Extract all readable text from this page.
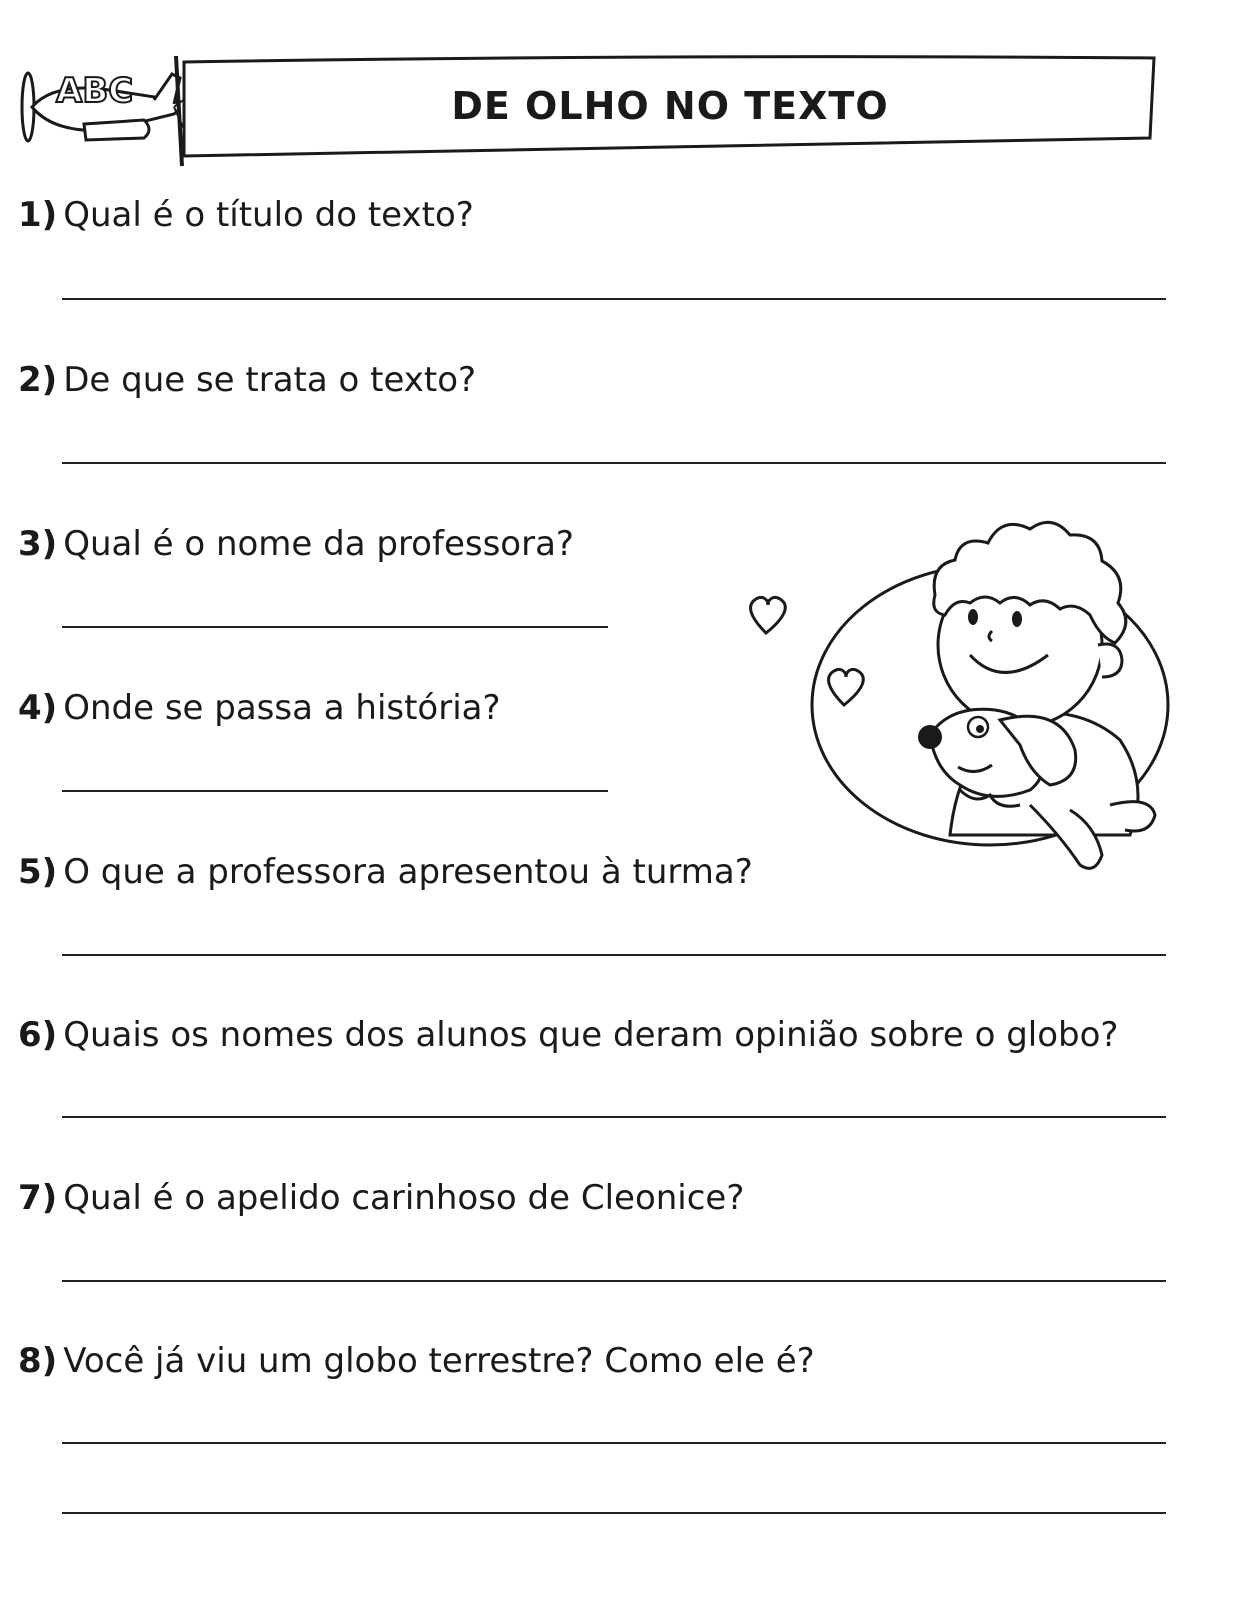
ABC	DE OLHO NO TEXTO
1) Qual é o título do texto?
2) De que se trata o texto?
3) Qual é o nome da professora?
4) Onde se passa a história?
5) O que a professora apresentou à turma?
6) Quais os nomes dos alunos que deram opinião sobre o globo?
7) Qual é o apelido carinhoso de Cleonice?
8) Você já viu um globo terrestre? Como ele é?
